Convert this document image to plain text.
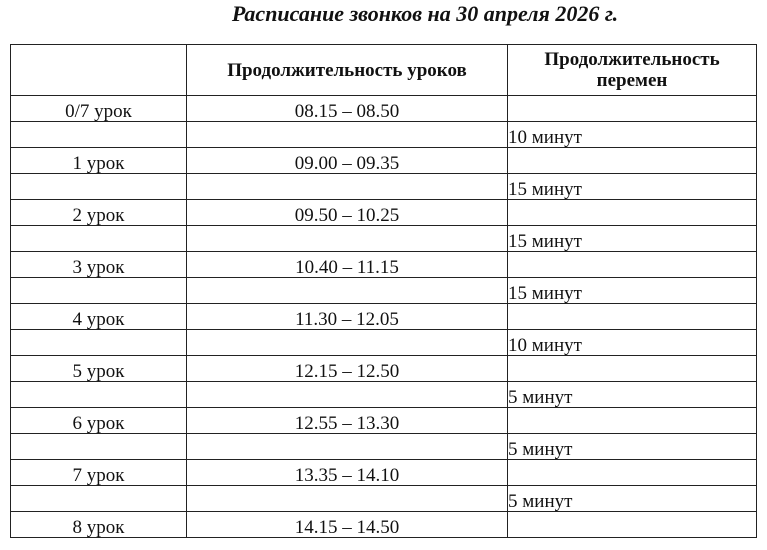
Расписание звонков на 30 апреля 2026 г.
	Продолжительность уроков	Продолжительность перемен
0/7 урок	08.15 – 08.50	
		10 минут
1 урок	09.00 – 09.35	
		15 минут
2 урок	09.50 – 10.25	
		15 минут
3 урок	10.40 – 11.15	
		15 минут
4 урок	11.30 – 12.05	
		10 минут
5 урок	12.15 – 12.50	
		5 минут
6 урок	12.55 – 13.30	
		5 минут
7 урок	13.35 – 14.10	
		5 минут
8 урок	14.15 – 14.50	
